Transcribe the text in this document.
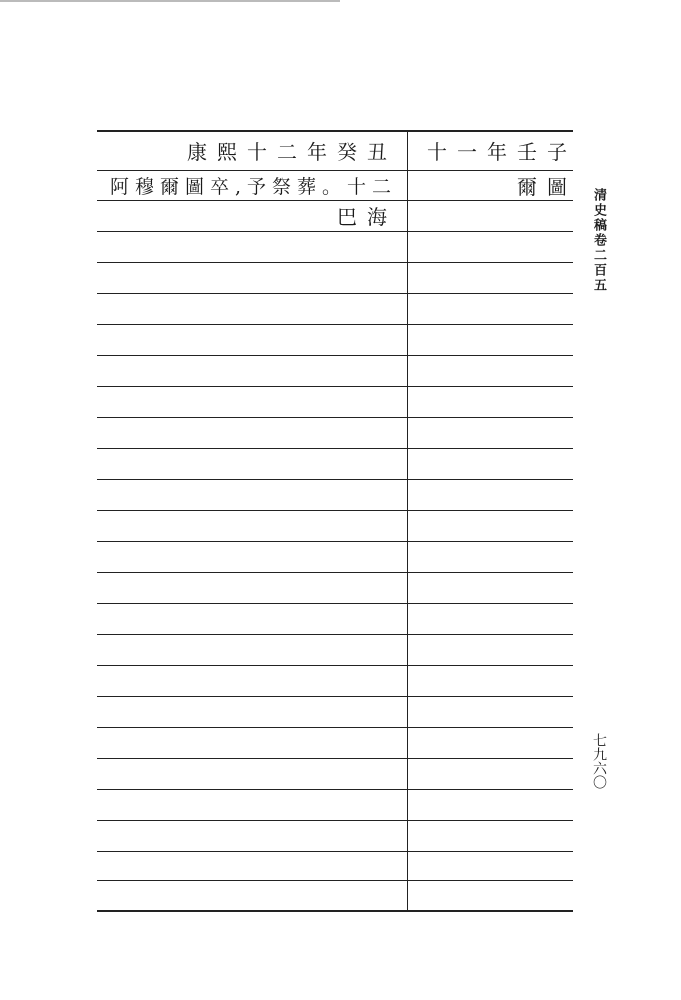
康熙十二年癸丑
阿穆爾圖卒,予祭葬。十二
巴海
十一年壬子
爾圖
清史稿卷二百五
七九六〇
